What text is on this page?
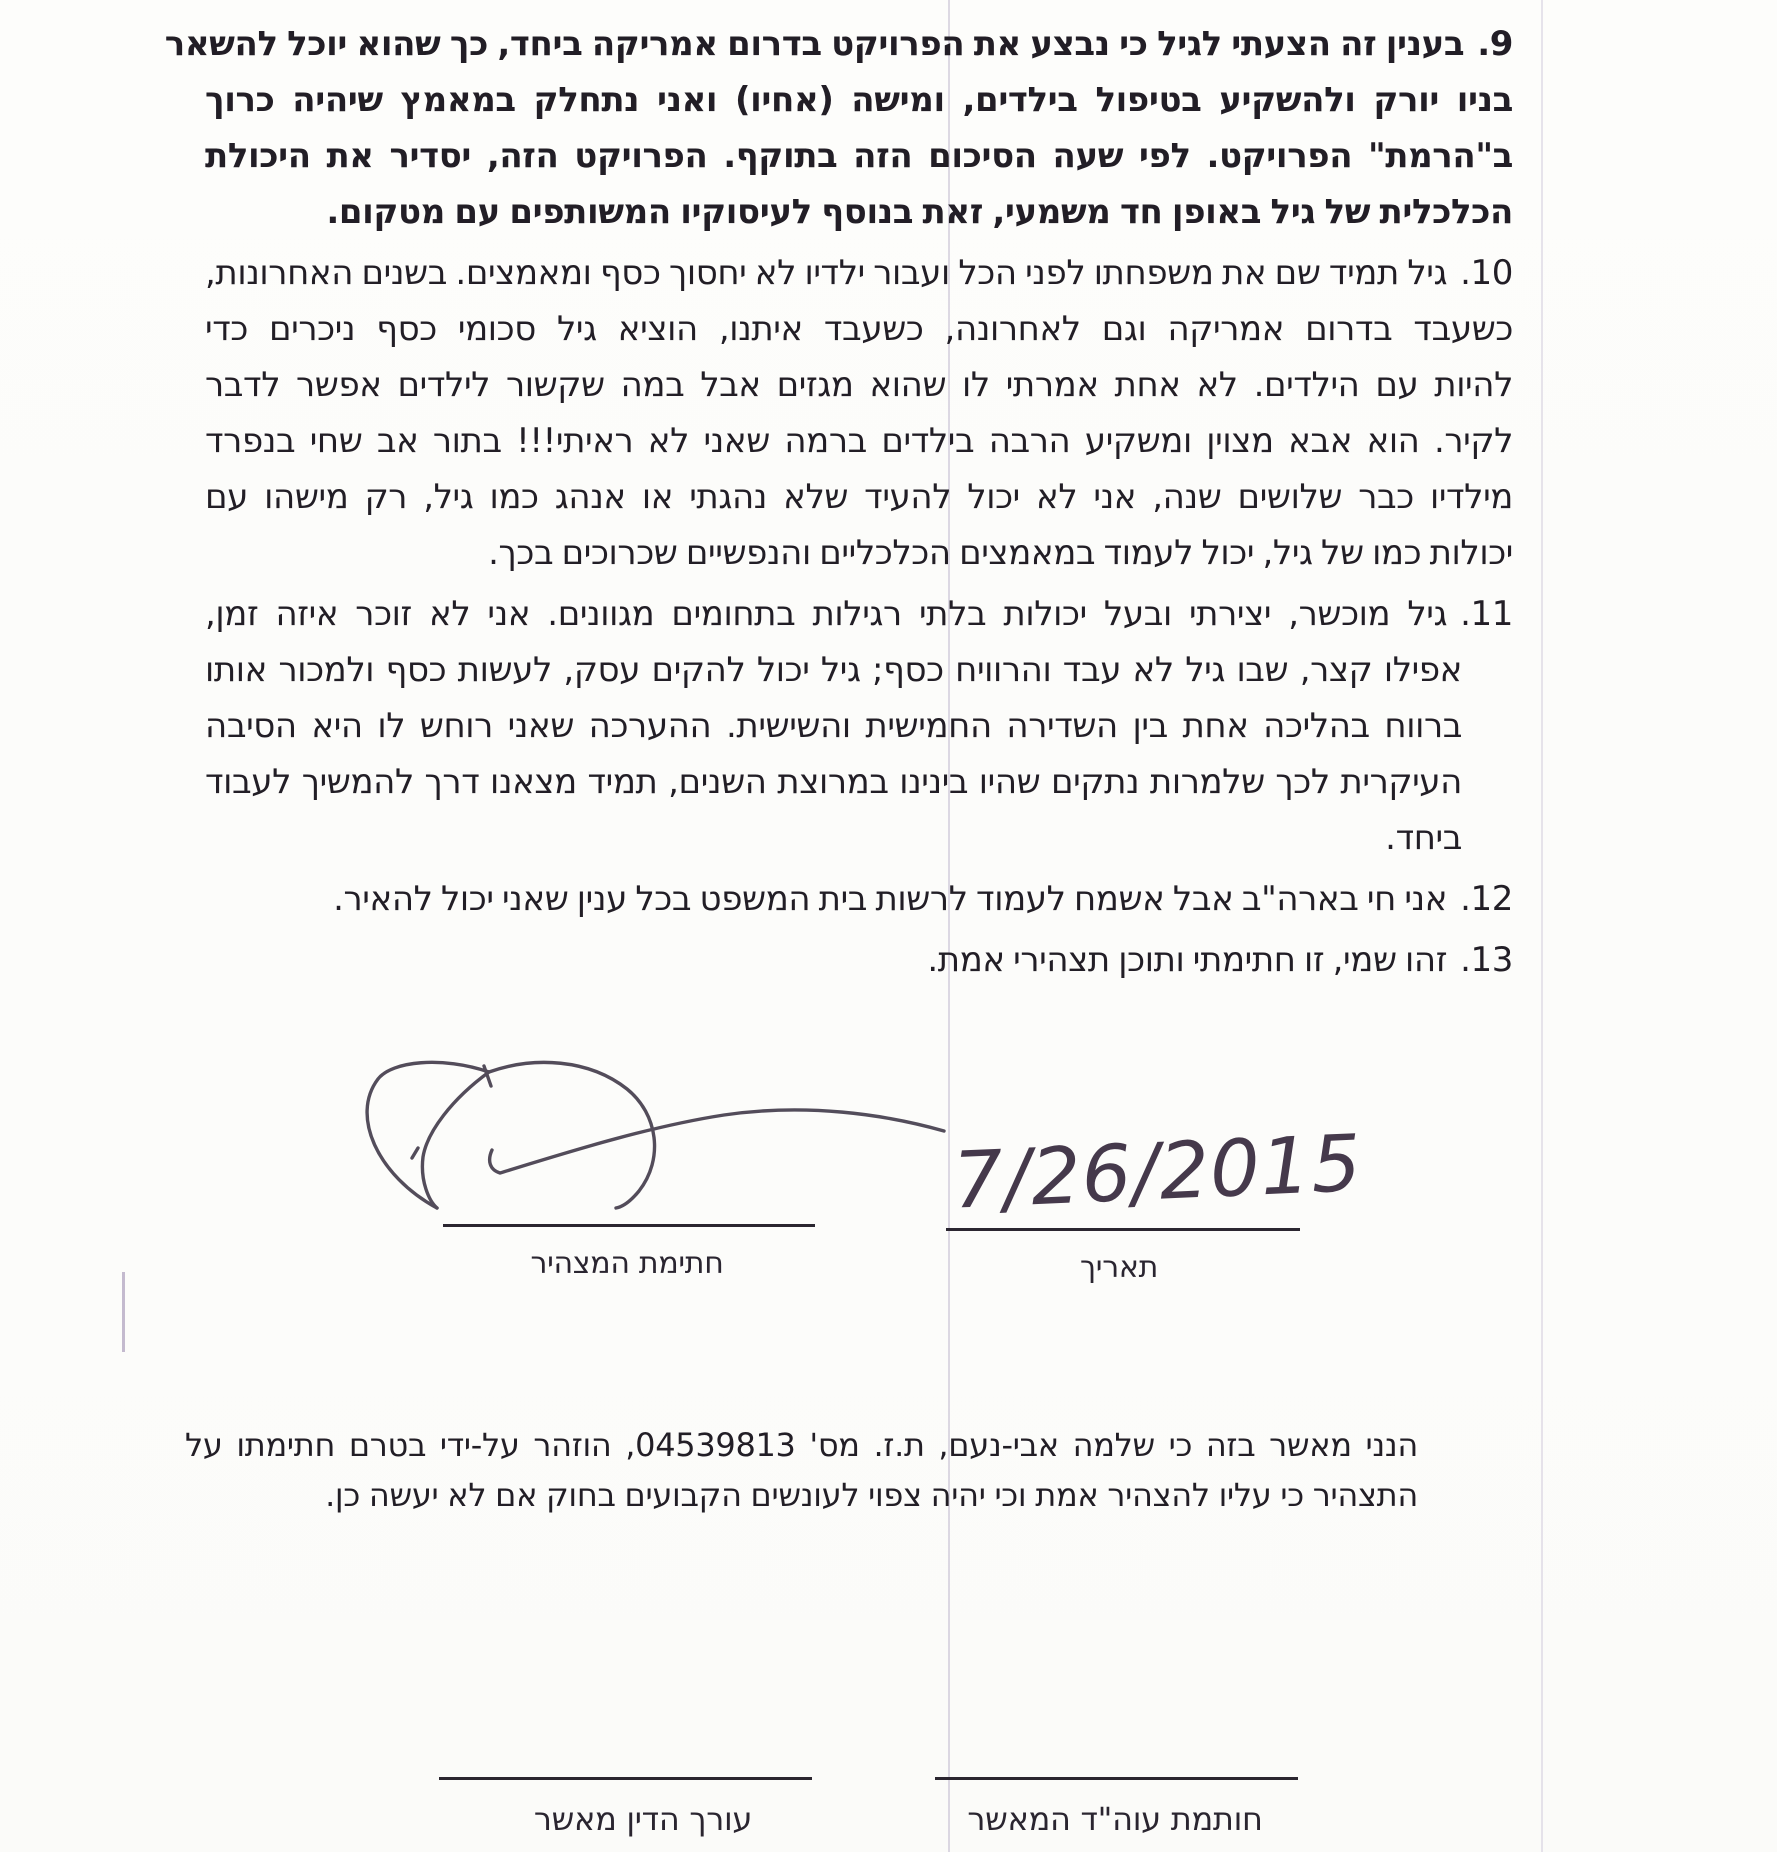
9.בענין זה הצעתי לגיל כי נבצע את הפרויקט בדרום אמריקה ביחד, כך שהוא יוכל להשאר
בניו יורק ולהשקיע בטיפול בילדים, ומישה (אחיו) ואני נתחלק במאמץ שיהיה כרוך
ב"הרמת" הפרויקט. לפי שעה הסיכום הזה בתוקף. הפרויקט הזה, יסדיר את היכולת
הכלכלית של גיל באופן חד משמעי, זאת בנוסף לעיסוקיו המשותפים עם מטקום.
10.גיל תמיד שם את משפחתו לפני הכל ועבור ילדיו לא יחסוך כסף ומאמצים. בשנים האחרונות,
כשעבד בדרום אמריקה וגם לאחרונה, כשעבד איתנו, הוציא גיל סכומי כסף ניכרים כדי
להיות עם הילדים. לא אחת אמרתי לו שהוא מגזים אבל במה שקשור לילדים אפשר לדבר
לקיר. הוא אבא מצוין ומשקיע הרבה בילדים ברמה שאני לא ראיתי!!! בתור אב שחי בנפרד
מילדיו כבר שלושים שנה, אני לא יכול להעיד שלא נהגתי או אנהג כמו גיל, רק מישהו עם
יכולות כמו של גיל, יכול לעמוד במאמצים הכלכליים והנפשיים שכרוכים בכך.
11.גיל מוכשר, יצירתי ובעל יכולות בלתי רגילות בתחומים מגוונים. אני לא זוכר איזה זמן,
אפילו קצר, שבו גיל לא עבד והרוויח כסף; גיל יכול להקים עסק, לעשות כסף ולמכור אותו
ברווח בהליכה אחת בין השדירה החמישית והשישית. ההערכה שאני רוחש לו היא הסיבה
העיקרית לכך שלמרות נתקים שהיו בינינו במרוצת השנים, תמיד מצאנו דרך להמשיך לעבוד
ביחד.
12.אני חי בארה"ב אבל אשמח לעמוד לרשות בית המשפט בכל ענין שאני יכול להאיר.
13.זהו שמי, זו חתימתי ותוכן תצהירי אמת.
7/26/2015
חתימת המצהיר	תאריך
הנני מאשר בזה כי שלמה אבי-נעם, ת.ז. מס' 04539813, הוזהר על-ידי בטרם חתימתו על
התצהיר כי עליו להצהיר אמת וכי יהיה צפוי לעונשים הקבועים בחוק אם לא יעשה כן.
עורך הדין מאשר	חותמת עוה"ד המאשר
